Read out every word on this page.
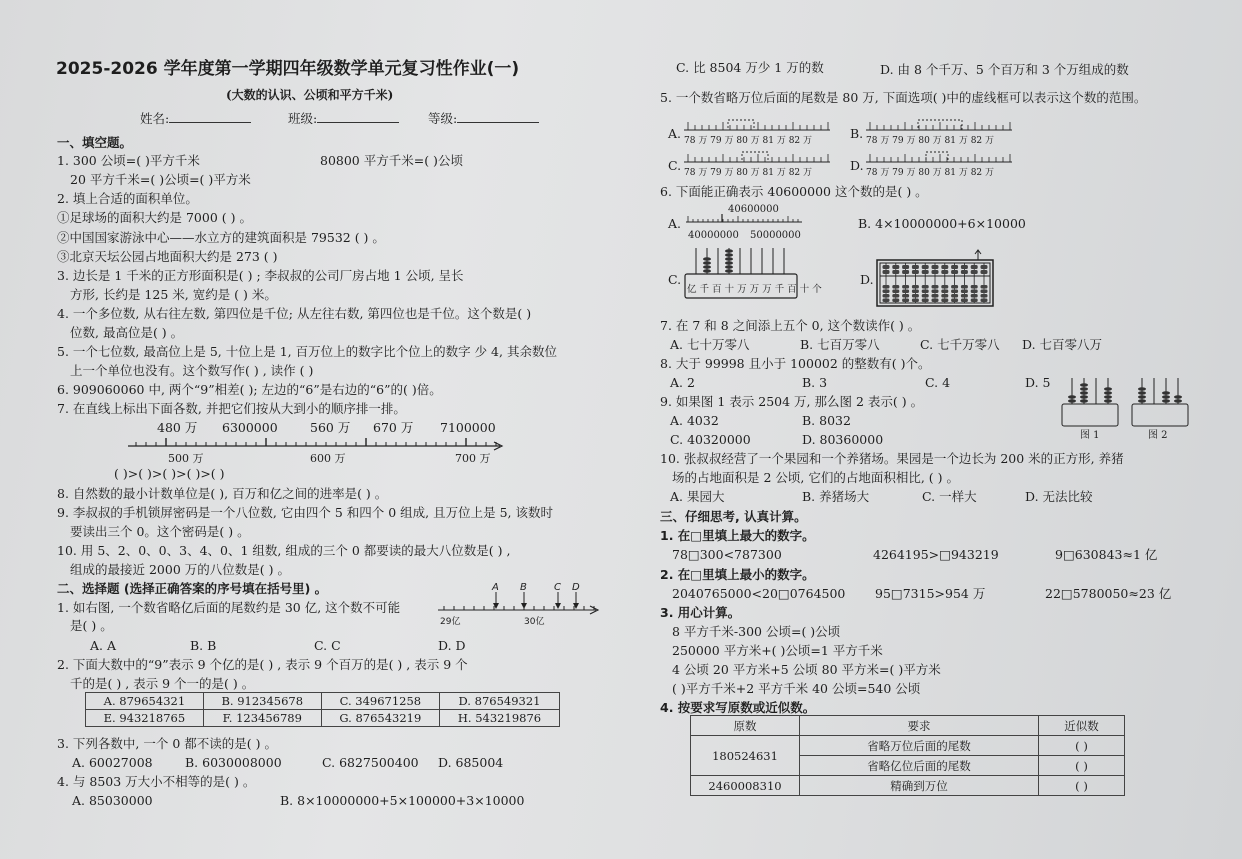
2025-2026 学年度第一学期四年级数学单元复习性作业(一)
(大数的认识、公顷和平方千米)
姓名:	班级:	等级:
一、填空题。
1. 300 公顷=( )平方千米	80800 平方千米=( )公顷
20 平方千米=( )公顷=( )平方米
2. 填上合适的面积单位。
①足球场的面积大约是 7000 ( ) 。
②中国国家游泳中心——水立方的建筑面积是 79532 ( ) 。
③北京天坛公园占地面积大约是 273 ( )
3. 边长是 1 千米的正方形面积是( ) ; 李叔叔的公司厂房占地 1 公顷, 呈长
方形, 长约是 125 米, 宽约是 ( ) 米。
4. 一个多位数, 从右往左数, 第四位是千位; 从左往右数, 第四位也是千位。这个数是( )
位数, 最高位是( ) 。
5. 一个七位数, 最高位上是 5, 十位上是 1, 百万位上的数字比个位上的数字 少 4, 其余数位
上一个单位也没有。这个数写作( ) , 读作 ( )
6. 909060060 中, 两个“9”相差( ); 左边的“6”是右边的“6”的( )倍。
7. 在直线上标出下面各数, 并把它们按从大到小的顺序排一排。
480 万 6300000	560 万 670 万 7100000
500 万	600 万	700 万
( )>( )>( )>( )>( )
8. 自然数的最小计数单位是( ), 百万和亿之间的进率是( ) 。
9. 李叔叔的手机锁屏密码是一个八位数, 它由四个 5 和四个 0 组成, 且万位上是 5, 该数时
要读出三个 0。这个密码是( ) 。
10. 用 5、2、0、0、3、4、0、1 组数, 组成的三个 0 都要读的最大八位数是( ) ,
组成的最接近 2000 万的八位数是( ) 。
二、选择题 (选择正确答案的序号填在括号里) 。
1. 如右图, 一个数省略亿后面的尾数约是 30 亿, 这个数不可能
是( ) 。
A B	C D
29亿	30亿
A. A	B. B	C. C	D. D
2. 下面大数中的“9”表示 9 个亿的是( ) , 表示 9 个百万的是( ) , 表示 9 个
千的是( ) , 表示 9 个一的是( ) 。
A. 879654321	B. 912345678	C. 349671258	D. 876549321
E. 943218765	F. 123456789	G. 876543219	H. 543219876
3. 下列各数中, 一个 0 都不读的是( ) 。
A. 60027008	B. 6030008000	C. 6827500400 D. 685004
4. 与 8503 万大小不相等的是( ) 。
A. 85030000	B. 8×10000000+5×100000+3×10000
C. 比 8504 万少 1 万的数	D. 由 8 个千万、5 个百万和 3 个万组成的数
5. 一个数省略万位后面的尾数是 80 万, 下面选项( )中的虚线框可以表示这个数的范围。
A.
C.
B.
D.
78 万 79 万 80 万 81 万 82 万
78 万 79 万 80 万 81 万 82 万
78 万 79 万 80 万 81 万 82 万
78 万 79 万 80 万 81 万 82 万
6. 下面能正确表示 40600000 这个数的是( ) 。
A.
40600000
40000000 50000000
B. 4×10000000+6×10000
C.
亿 千 百 十 万 万 万 千 百 十 个
D.
7. 在 7 和 8 之间添上五个 0, 这个数读作( ) 。
A. 七十万零八	B. 七百万零八	C. 七千万零八 D. 七百零八万
8. 大于 99998 且小于 100002 的整数有( )个。
A. 2	B. 3	C. 4	D. 5
9. 如果图 1 表示 2504 万, 那么图 2 表示( ) 。
A. 4032	B. 8032
C. 40320000	D. 80360000	图 1	图 2
10. 张叔叔经营了一个果园和一个养猪场。果园是一个边长为 200 米的正方形, 养猪
场的占地面积是 2 公顷, 它们的占地面积相比, ( ) 。
A. 果园大	B. 养猪场大	C. 一样大	D. 无法比较
三、仔细思考, 认真计算。
1. 在□里填上最大的数字。
78□300<787300	4264195>□943219	9□630843≈1 亿
2. 在□里填上最小的数字。
2040765000<20□0764500 95□7315>954 万	22□5780050≈23 亿
3. 用心计算。
8 平方千米-300 公顷=( )公顷
250000 平方米+( )公顷=1 平方千米
4 公顷 20 平方米+5 公顷 80 平方米=( )平方米
( )平方千米+2 平方千米 40 公顷=540 公顷
4. 按要求写原数或近似数。
原数	要求	近似数
180524631	省略万位后面的尾数	( )
	省略亿位后面的尾数	( )
2460008310	精确到万位	( )
